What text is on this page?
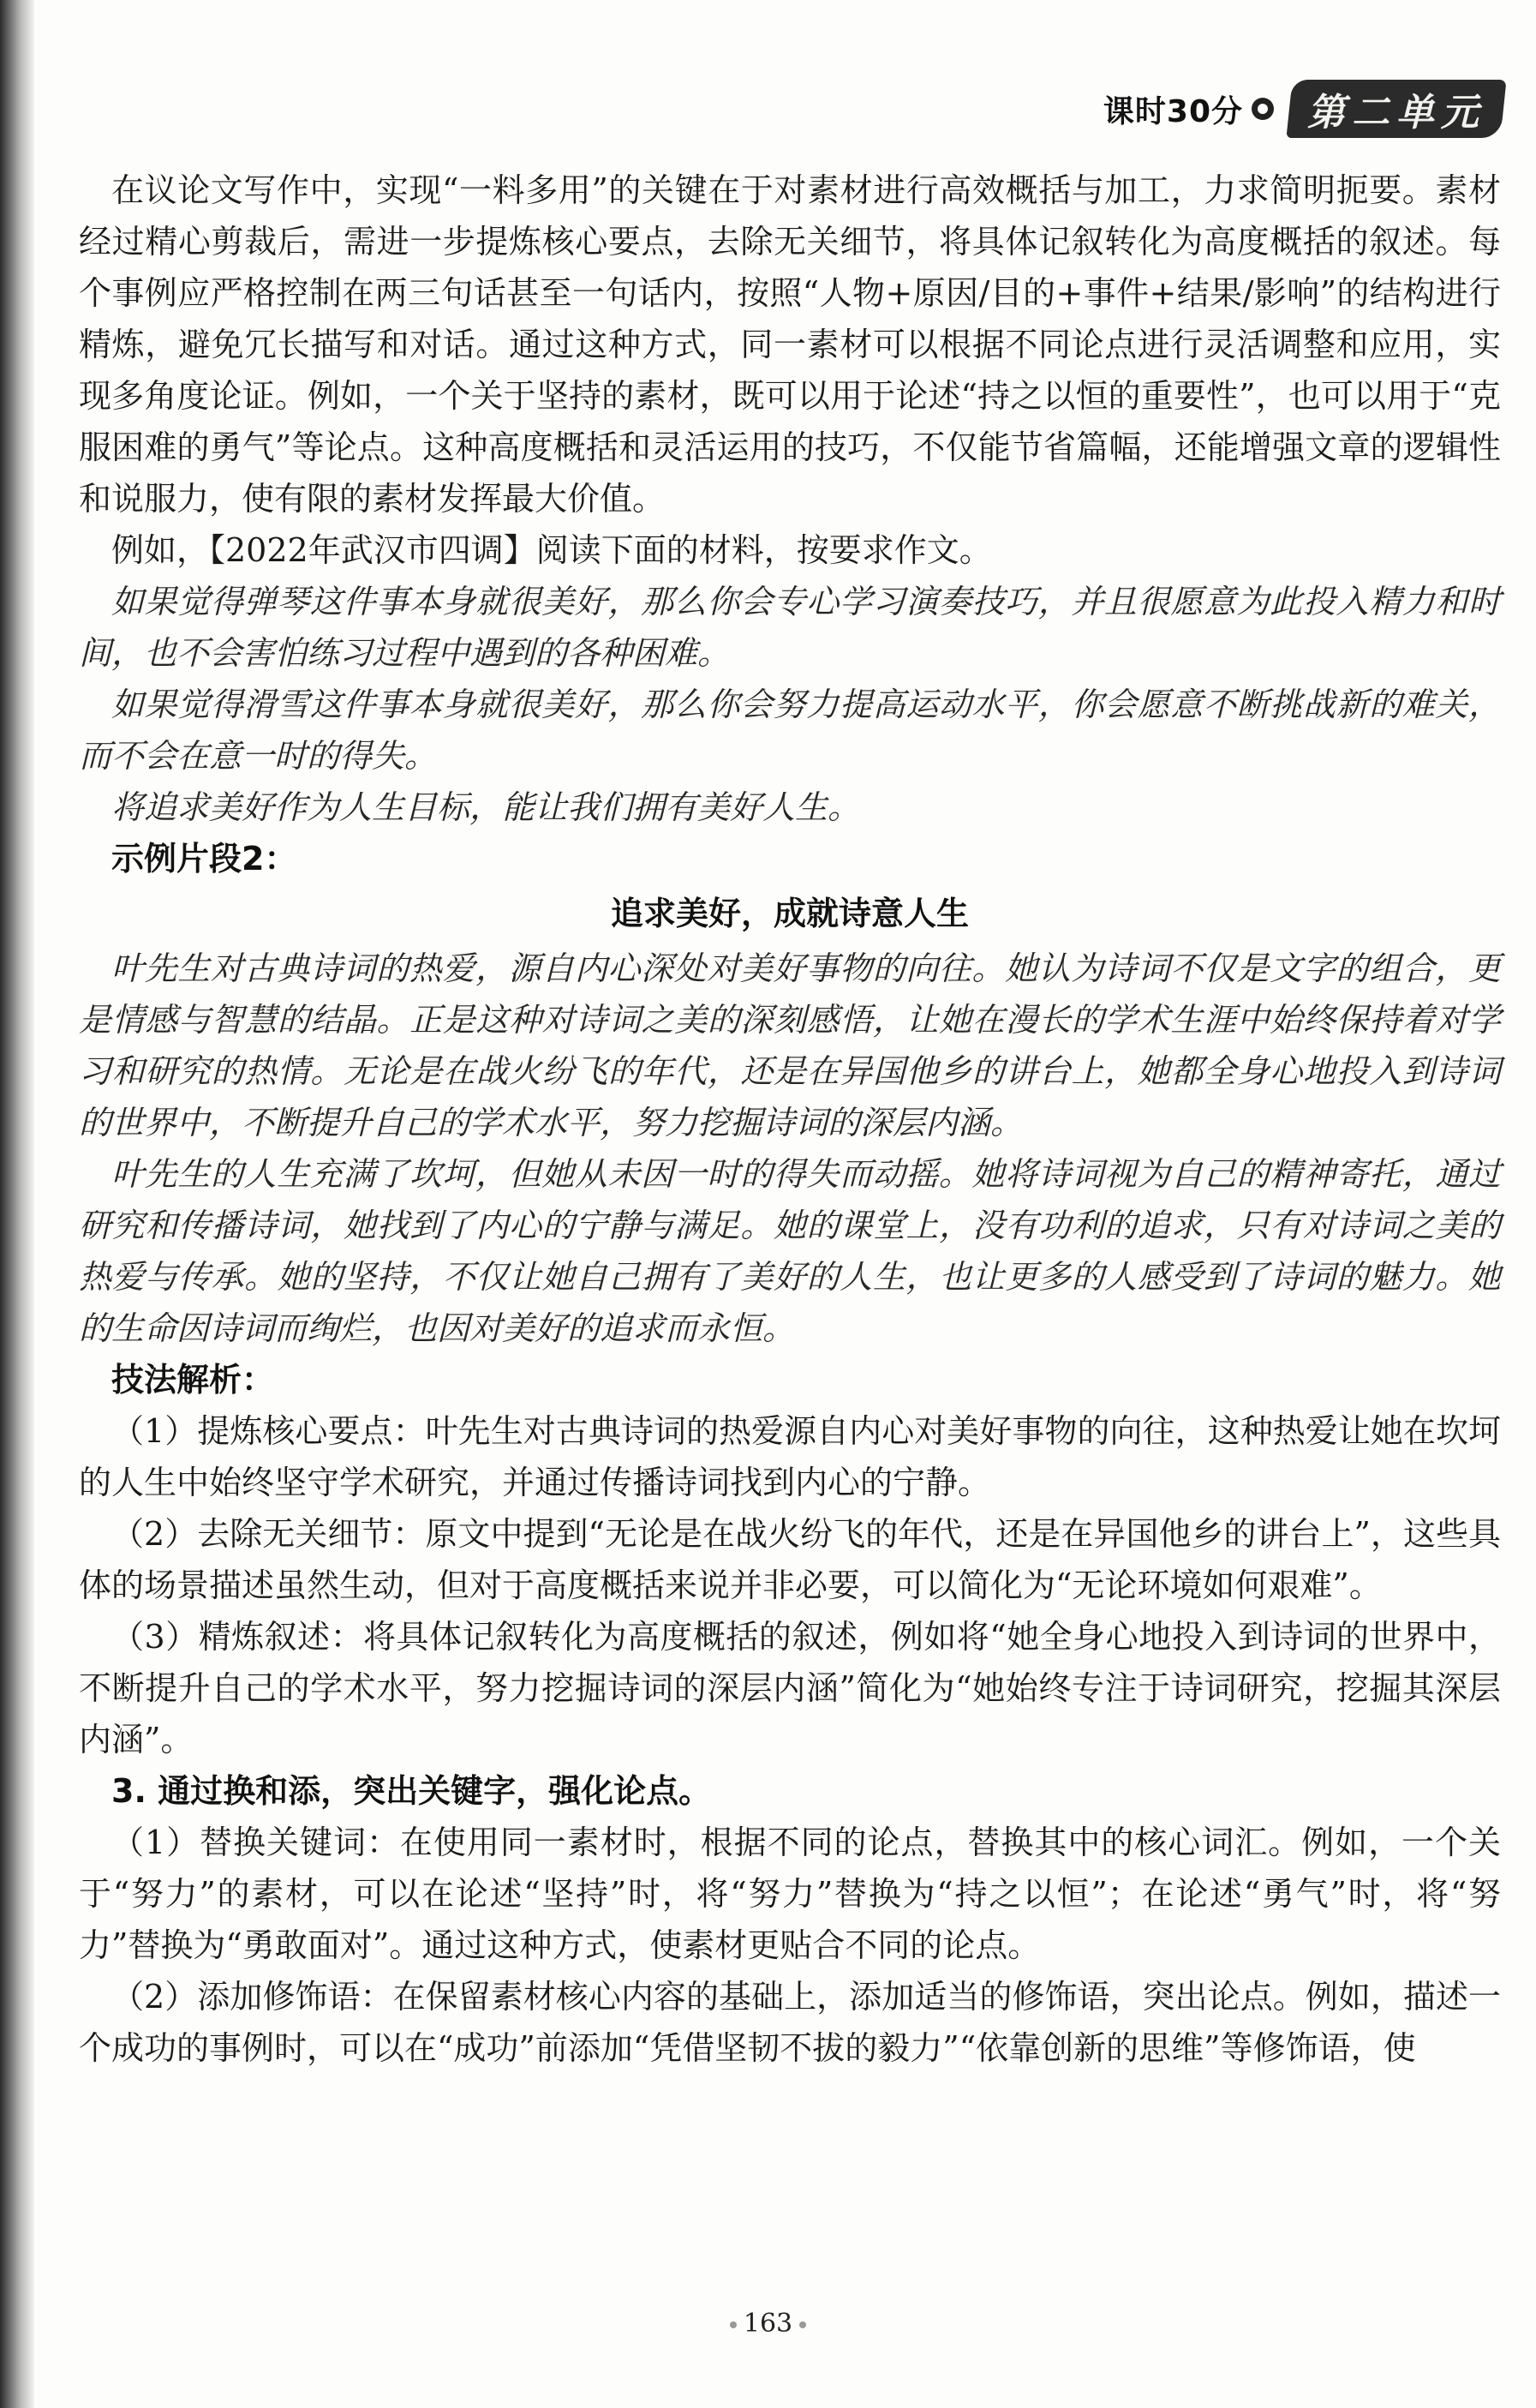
课时30分 第二单元

在议论文写作中，实现“一料多用”的关键在于对素材进行高效概括与加工，力求简明扼要。素材经过精心剪裁后，需进一步提炼核心要点，去除无关细节，将具体记叙转化为高度概括的叙述。每个事例应严格控制在两三句话甚至一句话内，按照“人物+原因/目的+事件+结果/影响”的结构进行精炼，避免冗长描写和对话。通过这种方式，同一素材可以根据不同论点进行灵活调整和应用，实现多角度论证。例如，一个关于坚持的素材，既可以用于论述“持之以恒的重要性”，也可以用于“克服困难的勇气”等论点。这种高度概括和灵活运用的技巧，不仅能节省篇幅，还能增强文章的逻辑性和说服力，使有限的素材发挥最大价值。

例如，【2022年武汉市四调】阅读下面的材料，按要求作文。

如果觉得弹琴这件事本身就很美好，那么你会专心学习演奏技巧，并且很愿意为此投入精力和时间，也不会害怕练习过程中遇到的各种困难。

如果觉得滑雪这件事本身就很美好，那么你会努力提高运动水平，你会愿意不断挑战新的难关，而不会在意一时的得失。

将追求美好作为人生目标，能让我们拥有美好人生。

示例片段2：

追求美好，成就诗意人生

叶先生对古典诗词的热爱，源自内心深处对美好事物的向往。她认为诗词不仅是文字的组合，更是情感与智慧的结晶。正是这种对诗词之美的深刻感悟，让她在漫长的学术生涯中始终保持着对学习和研究的热情。无论是在战火纷飞的年代，还是在异国他乡的讲台上，她都全身心地投入到诗词的世界中，不断提升自己的学术水平，努力挖掘诗词的深层内涵。

叶先生的人生充满了坎坷，但她从未因一时的得失而动摇。她将诗词视为自己的精神寄托，通过研究和传播诗词，她找到了内心的宁静与满足。她的课堂上，没有功利的追求，只有对诗词之美的热爱与传承。她的坚持，不仅让她自己拥有了美好的人生，也让更多的人感受到了诗词的魅力。她的生命因诗词而绚烂，也因对美好的追求而永恒。

技法解析：

（1）提炼核心要点：叶先生对古典诗词的热爱源自内心对美好事物的向往，这种热爱让她在坎坷的人生中始终坚守学术研究，并通过传播诗词找到内心的宁静。

（2）去除无关细节：原文中提到“无论是在战火纷飞的年代，还是在异国他乡的讲台上”，这些具体的场景描述虽然生动，但对于高度概括来说并非必要，可以简化为“无论环境如何艰难”。

（3）精炼叙述：将具体记叙转化为高度概括的叙述，例如将“她全身心地投入到诗词的世界中，不断提升自己的学术水平，努力挖掘诗词的深层内涵”简化为“她始终专注于诗词研究，挖掘其深层内涵”。

3. 通过换和添，突出关键字，强化论点。

（1）替换关键词：在使用同一素材时，根据不同的论点，替换其中的核心词汇。例如，一个关于“努力”的素材，可以在论述“坚持”时，将“努力”替换为“持之以恒”；在论述“勇气”时，将“努力”替换为“勇敢面对”。通过这种方式，使素材更贴合不同的论点。

（2）添加修饰语：在保留素材核心内容的基础上，添加适当的修饰语，突出论点。例如，描述一个成功的事例时，可以在“成功”前添加“凭借坚韧不拔的毅力”“依靠创新的思维”等修饰语，使

163
